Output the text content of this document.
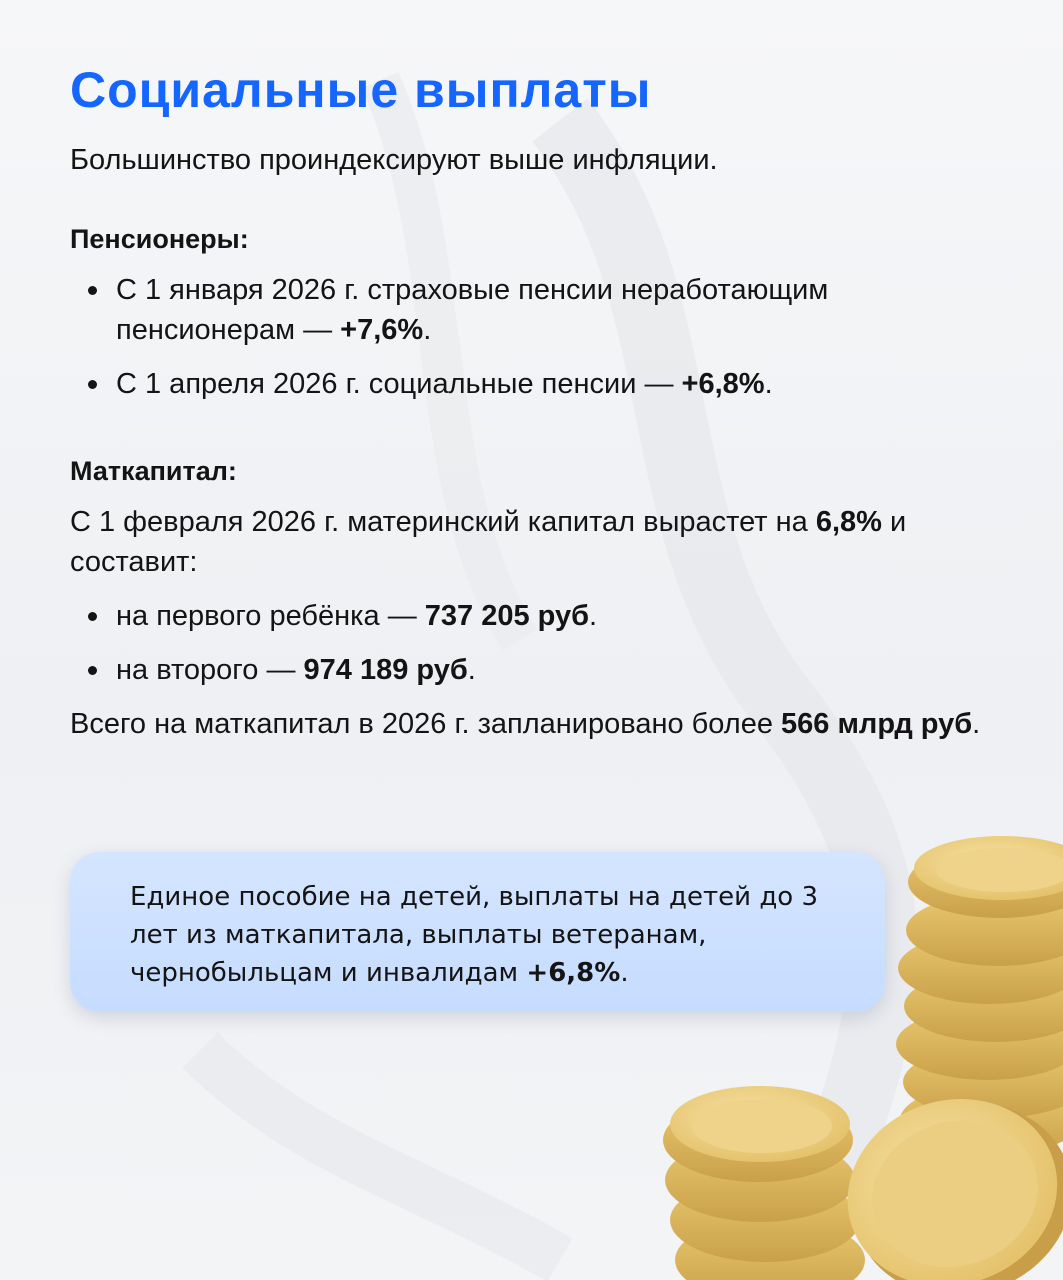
Социальные выплаты

Большинство проиндексируют выше инфляции.

Пенсионеры:
С 1 января 2026 г. страховые пенсии неработающим пенсионерам — +7,6%.
С 1 апреля 2026 г. социальные пенсии — +6,8%.
Маткапитал:

С 1 февраля 2026 г. материнский капитал вырастет на 6,8% и составит:

на первого ребёнка — 737 205 руб.
на второго — 974 189 руб.

Всего на маткапитал в 2026 г. запланировано более 566 млрд руб.

Единое пособие на детей, выплаты на детей до 3 лет из маткапитала, выплаты ветеранам, чернобыльцам и инвалидам +6,8%.
